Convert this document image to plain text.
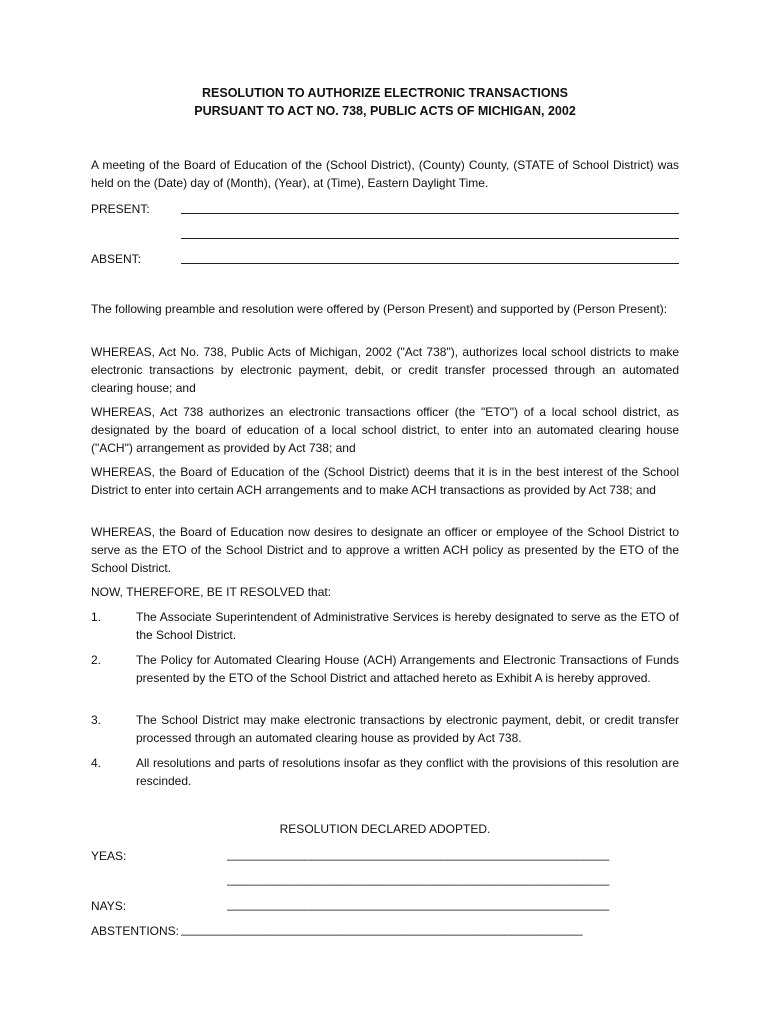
RESOLUTION TO AUTHORIZE ELECTRONIC TRANSACTIONS
PURSUANT TO ACT NO. 738, PUBLIC ACTS OF MICHIGAN, 2002
A meeting of the Board of Education of the (School District), (County) County, (STATE of School District) was held on the (Date) day of (Month), (Year), at (Time), Eastern Daylight Time.
PRESENT:
ABSENT:
The following preamble and resolution were offered by (Person Present) and supported by (Person Present):
WHEREAS, Act No. 738, Public Acts of Michigan, 2002 ("Act 738"), authorizes local school districts to make electronic transactions by electronic payment, debit, or credit transfer processed through an automated clearing house; and
WHEREAS, Act 738 authorizes an electronic transactions officer (the "ETO") of a local school district, as designated by the board of education of a local school district, to enter into an automated clearing house ("ACH") arrangement as provided by Act 738; and
WHEREAS, the Board of Education of the (School District) deems that it is in the best interest of the School District to enter into certain ACH arrangements and to make ACH transactions as provided by Act 738; and
WHEREAS, the Board of Education now desires to designate an officer or employee of the School District to serve as the ETO of the School District and to approve a written ACH policy as presented by the ETO of the School District.
NOW, THEREFORE, BE IT RESOLVED that:
1.	The Associate Superintendent of Administrative Services is hereby designated to serve as the ETO of the School District.
2.	The Policy for Automated Clearing House (ACH) Arrangements and Electronic Transactions of Funds presented by the ETO of the School District and attached hereto as Exhibit A is hereby approved.
3.	The School District may make electronic transactions by electronic payment, debit, or credit transfer processed through an automated clearing house as provided by Act 738.
4.	All resolutions and parts of resolutions insofar as they conflict with the provisions of this resolution are rescinded.
RESOLUTION DECLARED ADOPTED.
YEAS:	___________________________________________________________
___________________________________________________________
NAYS:	___________________________________________________________
ABSTENTIONS: ______________________________________________________________
